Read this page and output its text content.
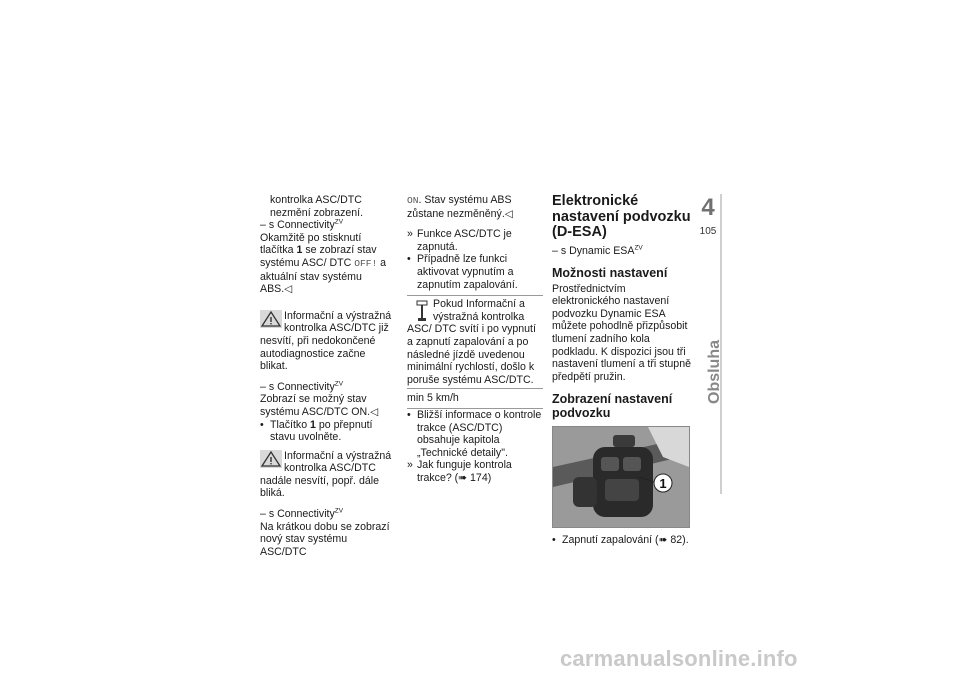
kontrolka ASC/DTC nezmění zobrazení.

– s Connectivity$^{ZV}$

Okamžitě po stisknutí tlačítka 1 se zobrazí stav systému ASC/ DTC OFF! a aktuální stav systému ABS.◁

Informační a výstražná kontrolka ASC/DTC již nesvítí, při nedokončené autodiagnostice začne blikat.

– s Connectivity$^{ZV}$

Zobrazí se možný stav systému ASC/DTC ON.◁

• Tlačítko 1 po přepnutí stavu uvolněte.

Informační a výstražná kontrolka ASC/DTC nadále nesvítí, popř. dále bliká.

– s Connectivity$^{ZV}$

Na krátkou dobu se zobrazí nový stav systému ASC/DTC

ON. Stav systému ABS zůstane nezměněný.◁

» Funkce ASC/DTC je zapnutá.
• Případně lze funkci aktivovat vypnutím a zapnutím zapalování.

Pokud Informační a výstražná kontrolka ASC/ DTC svítí i po vypnutí a zapnutí zapalování a po následné jízdě uvedenou minimální rychlostí, došlo k poruše systému ASC/DTC.

min 5 km/h
• Bližší informace o kontrole trakce (ASC/DTC) obsahuje kapitola „Technické detaily".
» Jak funguje kontrola trakce? (➠ 174)
Elektronické nastavení podvozku (D-ESA)

– s Dynamic $ESA^{ZV}$

Možnosti nastavení

Prostřednictvím elektronického nastavení podvozku Dynamic ESA můžete pohodlně přizpůsobit tlumení zadního kola podkladu. K dispozici jsou tři nastavení tlumení a tři stupně předpětí pružin.

Zobrazení nastavení podvozku
1
• Zapnutí zapalování (➠ 82).
4
105
Obsluha
carmanualsonline.info
